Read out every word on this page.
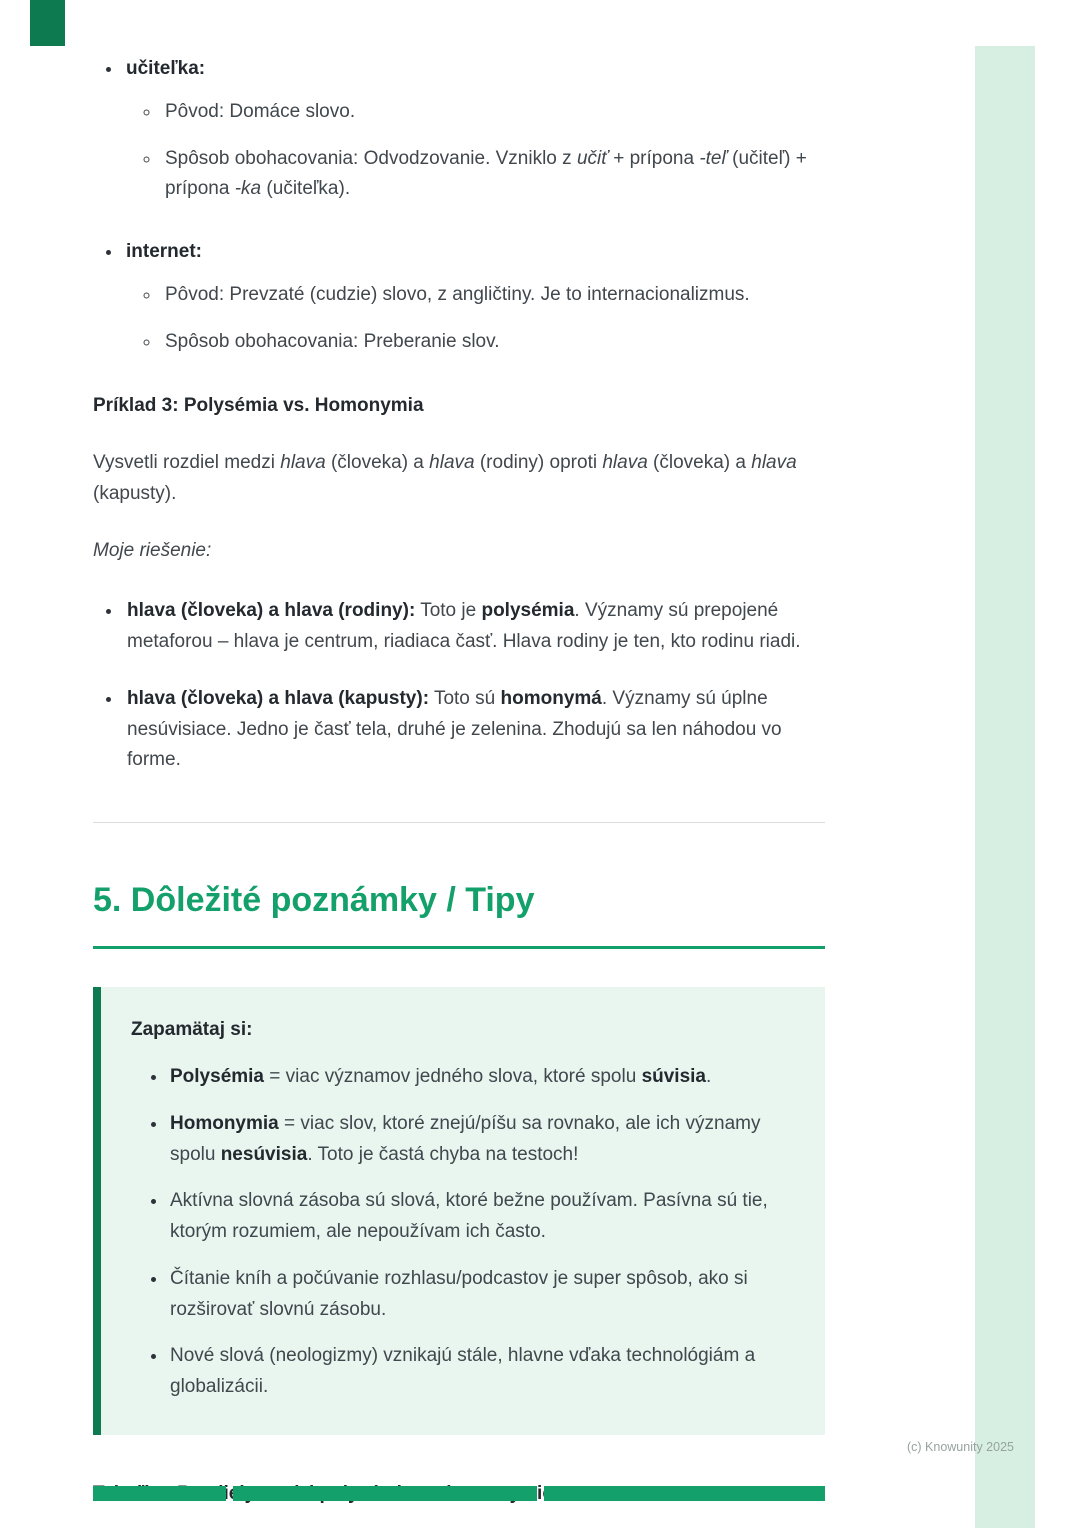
• učiteľka:
◦ Pôvod: Domáce slovo.
◦ Spôsob obohacovania: Odvodzovanie. Vzniklo z učiť + prípona -teľ (učiteľ) + prípona -ka (učiteľka).
• internet:
◦ Pôvod: Prevzaté (cudzie) slovo, z angličtiny. Je to internacionalizmus.
◦ Spôsob obohacovania: Preberanie slov.

Príklad 3: Polysémia vs. Homonymia

Vysvetli rozdiel medzi hlava (človeka) a hlava (rodiny) oproti hlava (človeka) a hlava (kapusty).

Moje riešenie:

• hlava (človeka) a hlava (rodiny): Toto je polysémia. Významy sú prepojené metaforou – hlava je centrum, riadiaca časť. Hlava rodiny je ten, kto rodinu riadi.
• hlava (človeka) a hlava (kapusty): Toto sú homonymá. Významy sú úplne nesúvisiace. Jedno je časť tela, druhé je zelenina. Zhodujú sa len náhodou vo forme.
5. Dôležité poznámky / Tipy

Zapamätaj si:

• Polysémia = viac významov jedného slova, ktoré spolu súvisia.
• Homonymia = viac slov, ktoré znejú/píšu sa rovnako, ale ich významy spolu nesúvisia. Toto je častá chyba na testoch!
• Aktívna slovná zásoba sú slová, ktoré bežne používam. Pasívna sú tie, ktorým rozumiem, ale nepoužívam ich často.
• Čítanie kníh a počúvanie rozhlasu/podcastov je super spôsob, ako si rozširovať slovnú zásobu.
• Nové slová (neologizmy) vznikajú stále, hlavne vďaka technológiám a globalizácii.

(c) Knowunity 2025
